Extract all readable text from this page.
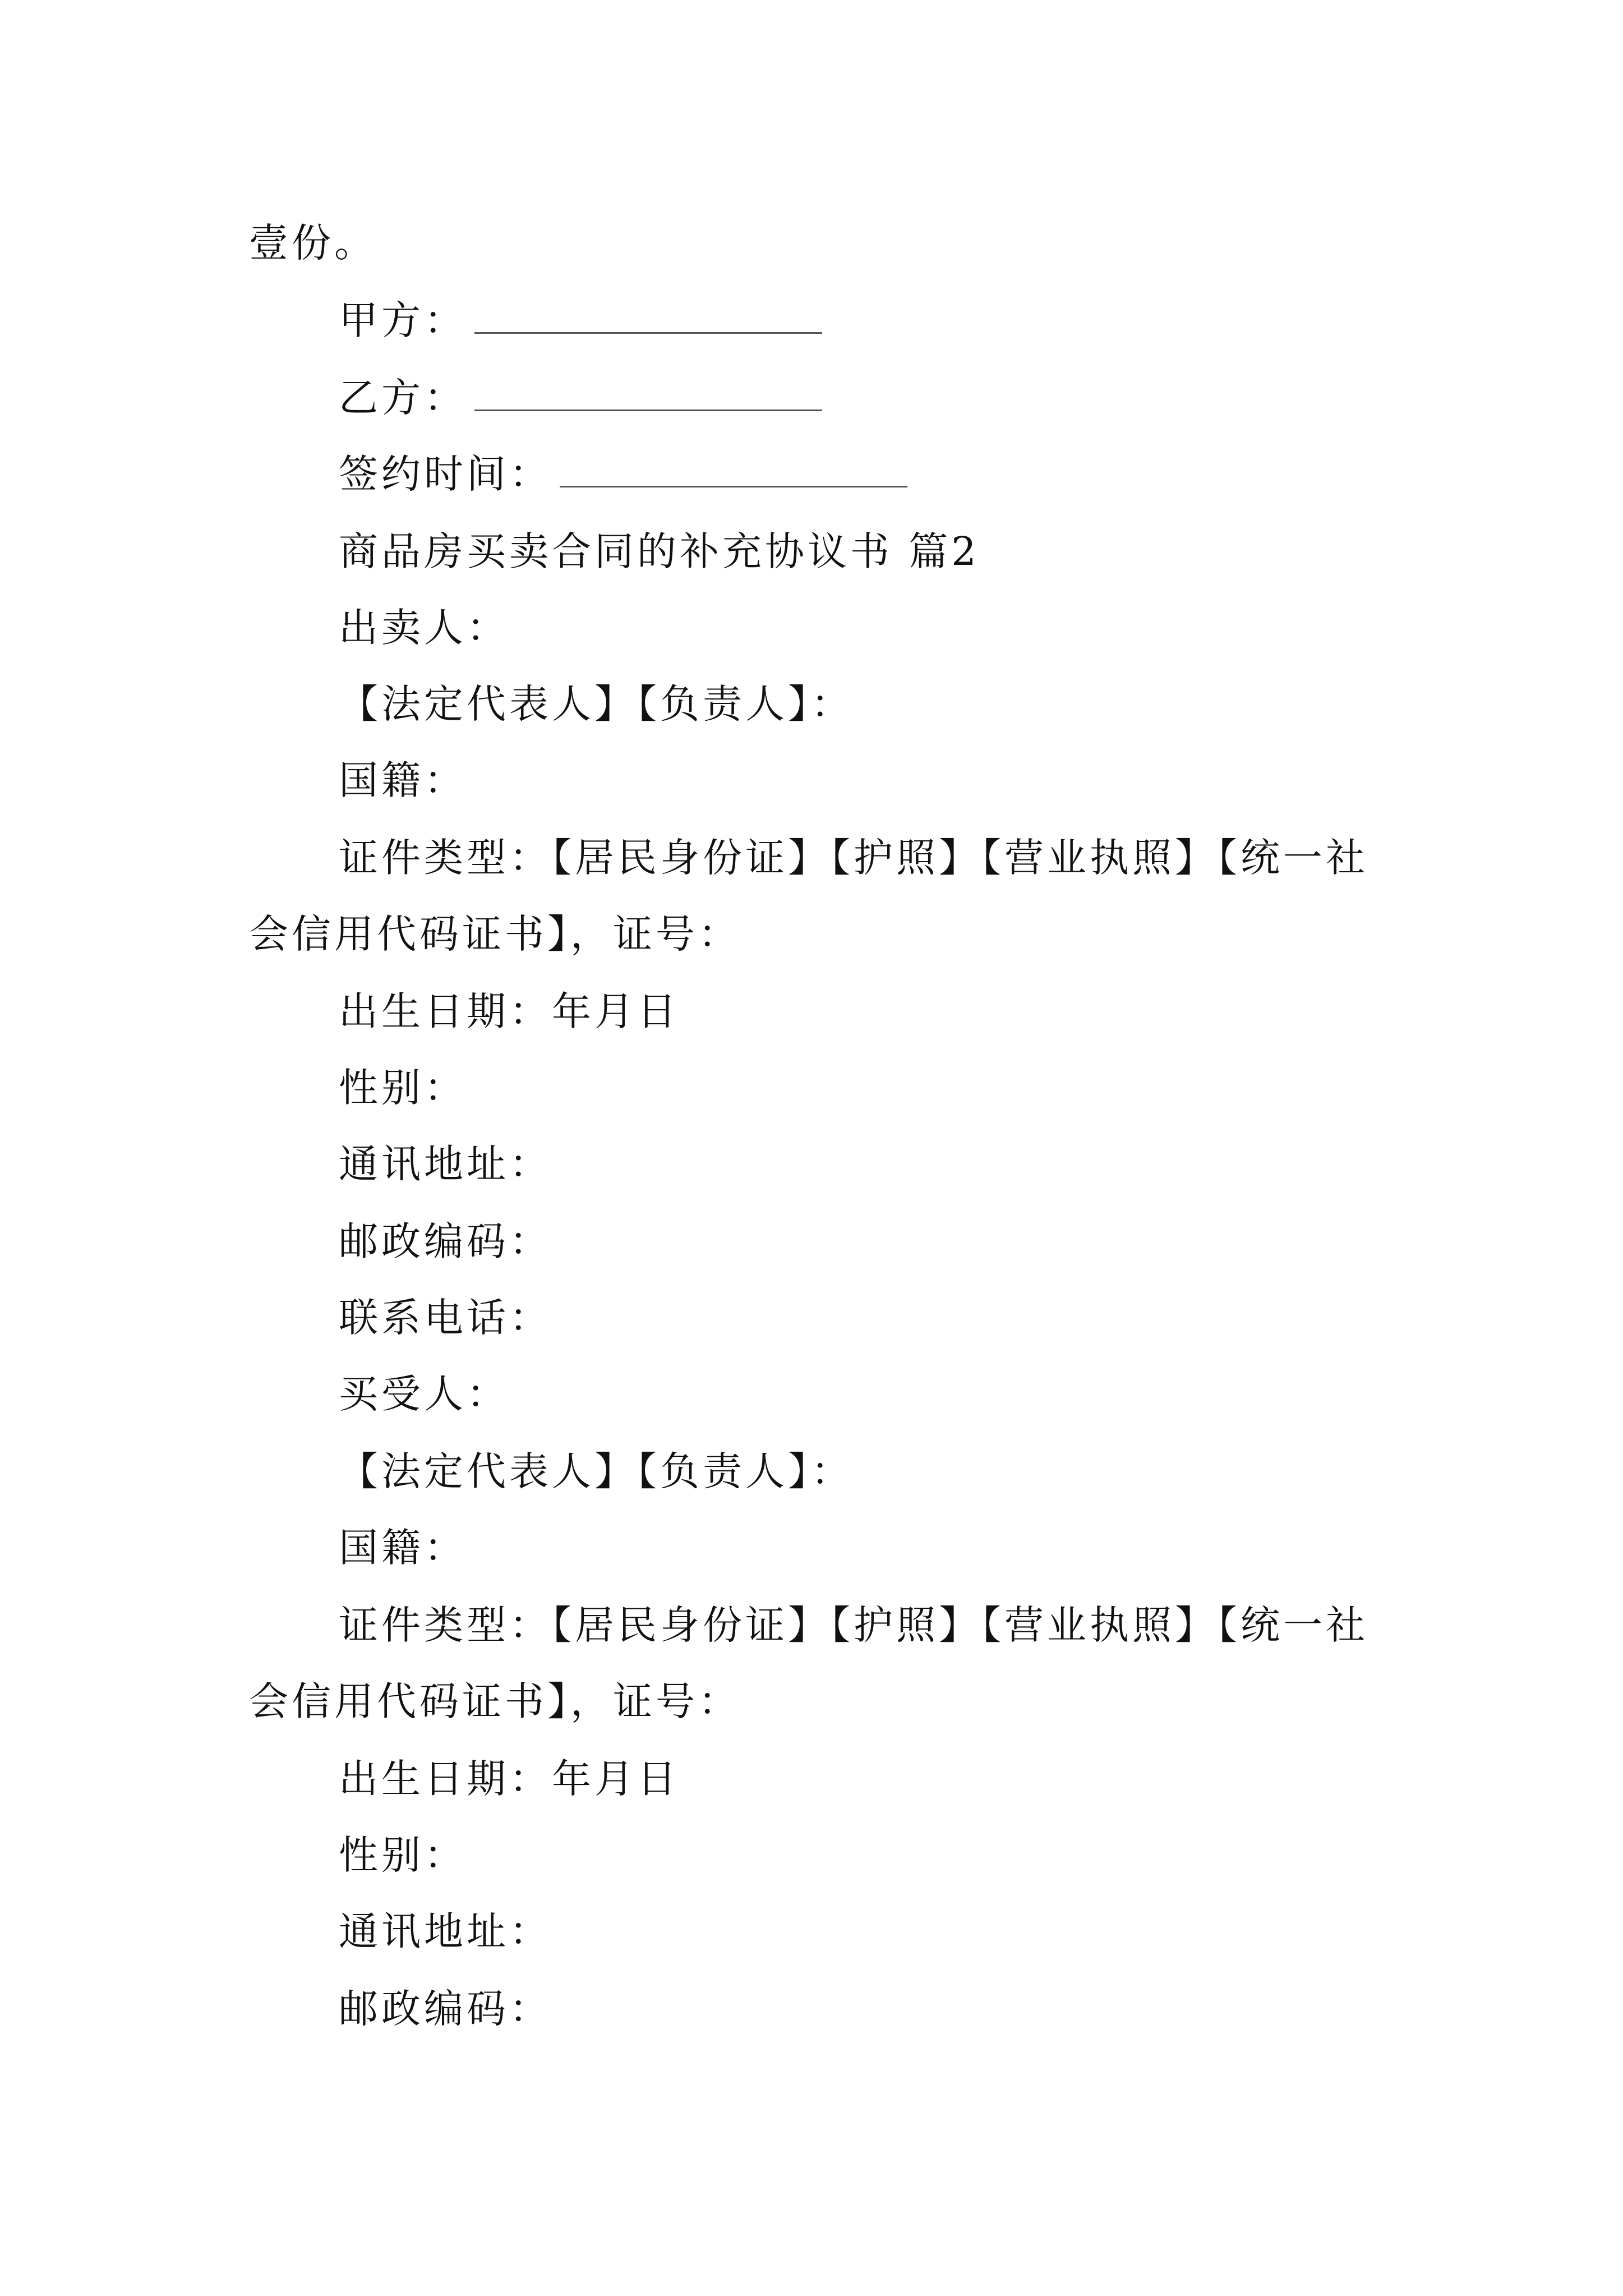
壹份。
甲方：
乙方：
签约时间：
商品房买卖合同的补充协议书 篇2
出卖人：
【法定代表人】【负责人】：
国籍：
证件类型：【居民身份证】【护照】【营业执照】【统一社
会信用代码证书】，证号：
出生日期：年月日
性别：
通讯地址：
邮政编码：
联系电话：
买受人：
【法定代表人】【负责人】：
国籍：
证件类型：【居民身份证】【护照】【营业执照】【统一社
会信用代码证书】，证号：
出生日期：年月日
性别：
通讯地址：
邮政编码：
